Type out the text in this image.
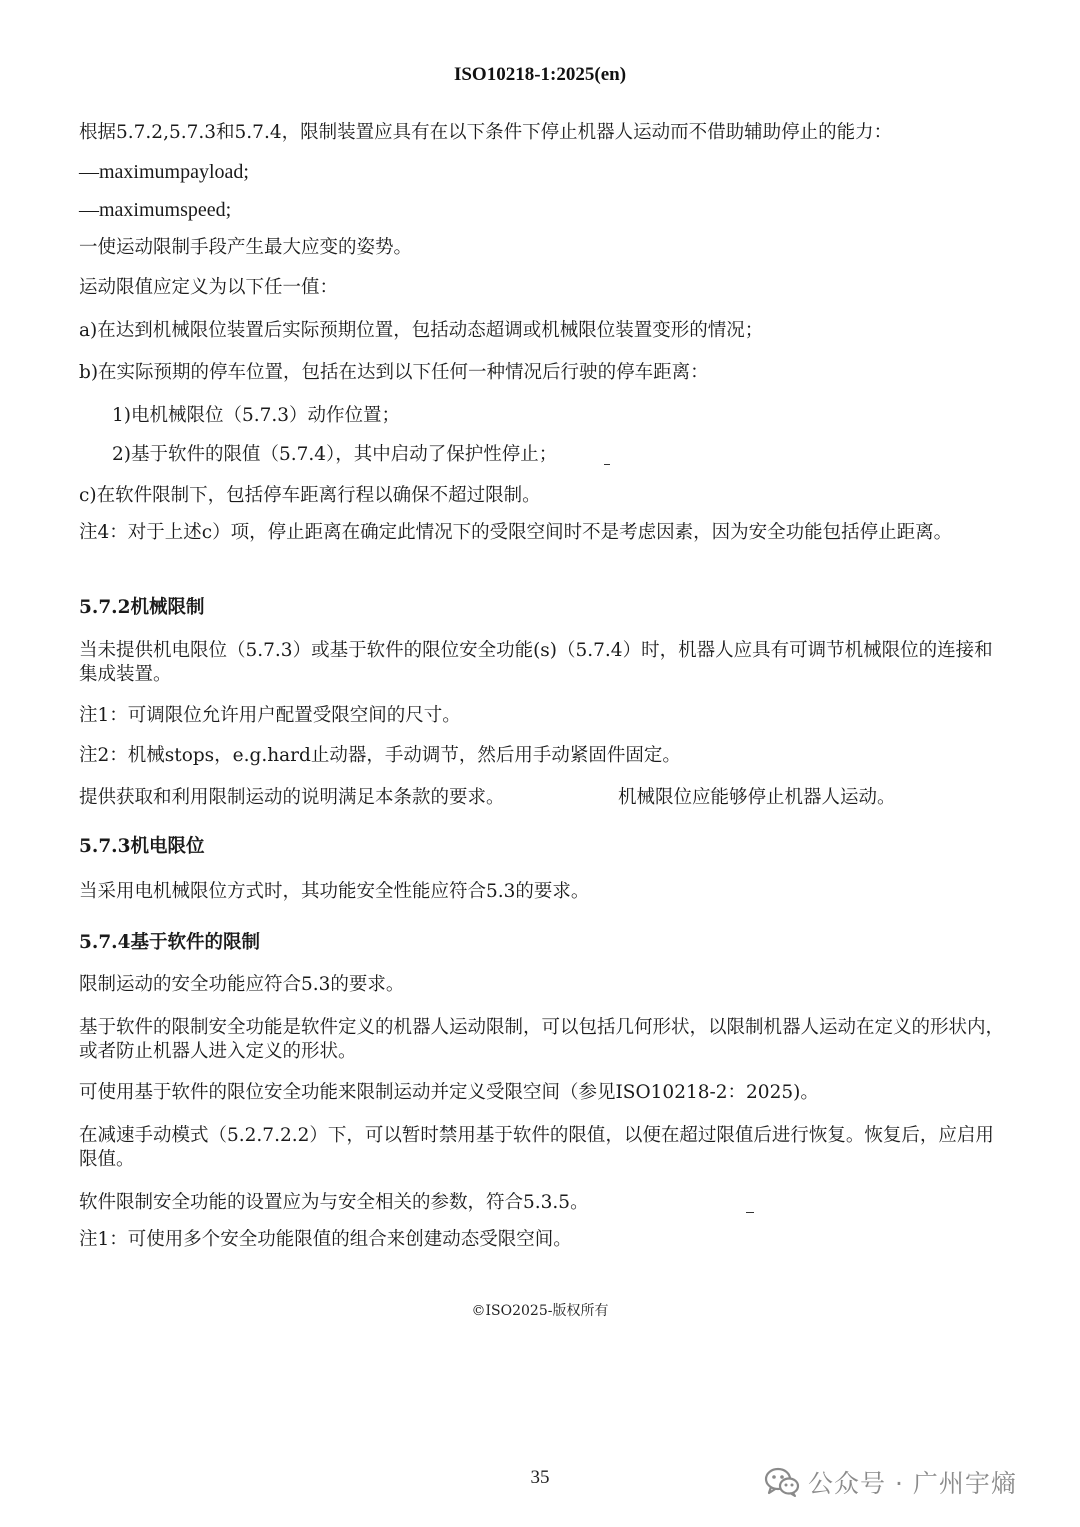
ISO10218-1:2025(en)
根据5.7.2,5.7.3和5.7.4，限制装置应具有在以下条件下停止机器人运动而不借助辅助停止的能力：
—maximumpayload;
—maximumspeed;
一使运动限制手段产生最大应变的姿势。
运动限值应定义为以下任一值：
a)在达到机械限位装置后实际预期位置，包括动态超调或机械限位装置变形的情况；
b)在实际预期的停车位置，包括在达到以下任何一种情况后行驶的停车距离：
1)电机械限位（5.7.3）动作位置；
2)基于软件的限值（5.7.4），其中启动了保护性停止；
c)在软件限制下，包括停车距离行程以确保不超过限制。
注4：对于上述c）项，停止距离在确定此情况下的受限空间时不是考虑因素，因为安全功能包括停止距离。
5.7.2机械限制
当未提供机电限位（5.7.3）或基于软件的限位安全功能(s)（5.7.4）时，机器人应具有可调节机械限位的连接和集成装置。
注1：可调限位允许用户配置受限空间的尺寸。
注2：机械stops，e.g.hard止动器，手动调节，然后用手动紧固件固定。
提供获取和利用限制运动的说明满足本条款的要求。	机械限位应能够停止机器人运动。
5.7.3机电限位
当采用电机械限位方式时，其功能安全性能应符合5.3的要求。
5.7.4基于软件的限制
限制运动的安全功能应符合5.3的要求。
基于软件的限制安全功能是软件定义的机器人运动限制，可以包括几何形状，以限制机器人运动在定义的形状内，或者防止机器人进入定义的形状。
可使用基于软件的限位安全功能来限制运动并定义受限空间（参见ISO10218-2：2025)。
在减速手动模式（5.2.7.2.2）下，可以暂时禁用基于软件的限值，以便在超过限值后进行恢复。恢复后，应启用限值。
软件限制安全功能的设置应为与安全相关的参数，符合5.3.5。
注1：可使用多个安全功能限值的组合来创建动态受限空间。
©ISO2025-版权所有
35	公众号 · 广州宇熵
